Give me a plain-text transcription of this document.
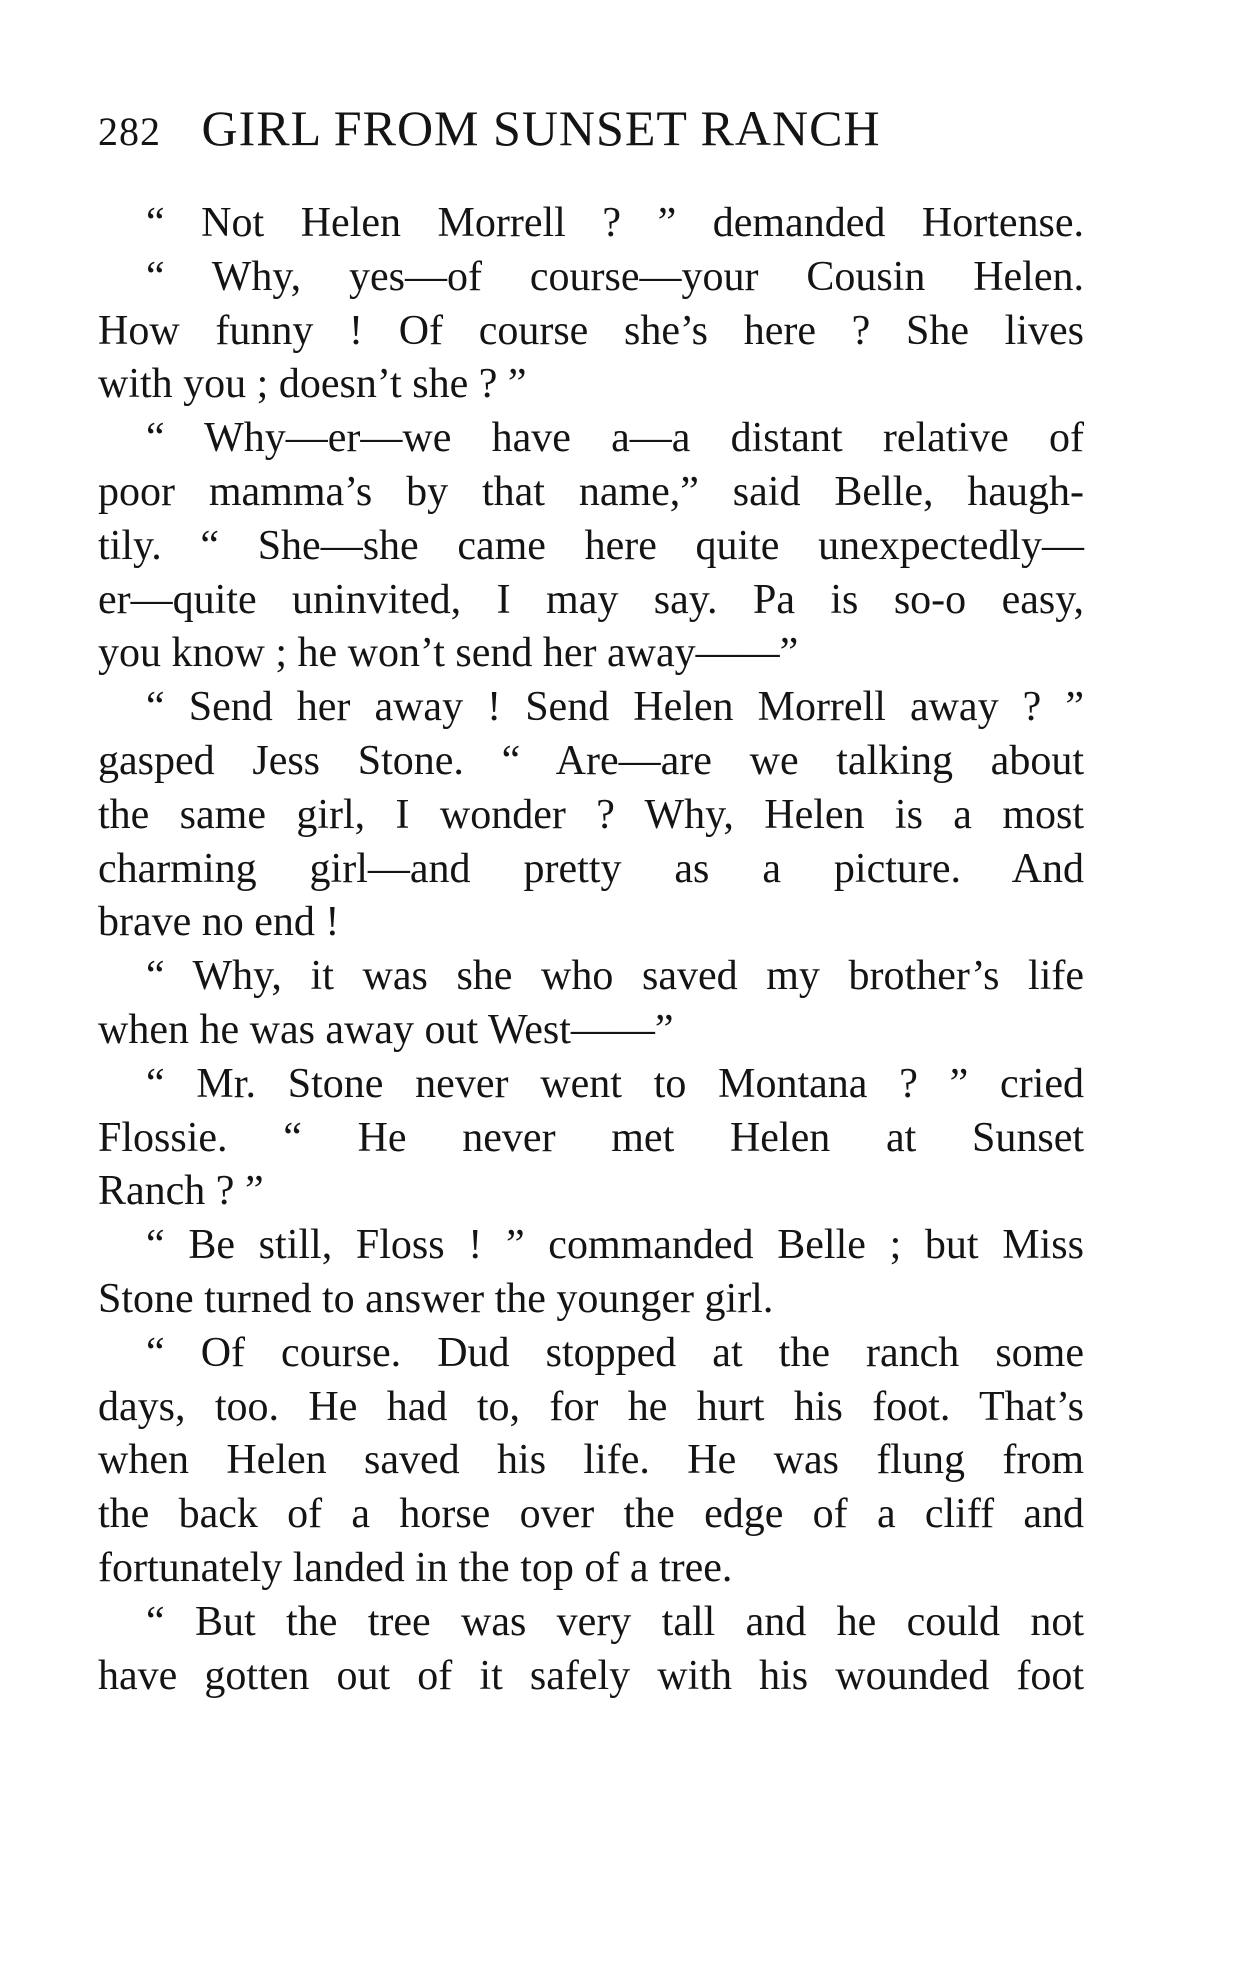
282 GIRL FROM SUNSET RANCH
“ Not Helen Morrell ? ” demanded Hortense.
“ Why, yes—of course—your Cousin Helen.
How funny ! Of course she’s here ? She lives
with you ; doesn’t she ? ”
“ Why—er—we have a—a distant relative of
poor mamma’s by that name,” said Belle, haugh-
tily. “ She—she came here quite unexpectedly—
er—quite uninvited, I may say. Pa is so-o easy,
you know ; he won’t send her away——”
“ Send her away ! Send Helen Morrell away ? ”
gasped Jess Stone. “ Are—are we talking about
the same girl, I wonder ? Why, Helen is a most
charming girl—and pretty as a picture. And
brave no end !
“ Why, it was she who saved my brother’s life
when he was away out West——”
“ Mr. Stone never went to Montana ? ” cried
Flossie. “ He never met Helen at Sunset
Ranch ? ”
“ Be still, Floss ! ” commanded Belle ; but Miss
Stone turned to answer the younger girl.
“ Of course. Dud stopped at the ranch some
days, too. He had to, for he hurt his foot. That’s
when Helen saved his life. He was flung from
the back of a horse over the edge of a cliff and
fortunately landed in the top of a tree.
“ But the tree was very tall and he could not
have gotten out of it safely with his wounded foot
